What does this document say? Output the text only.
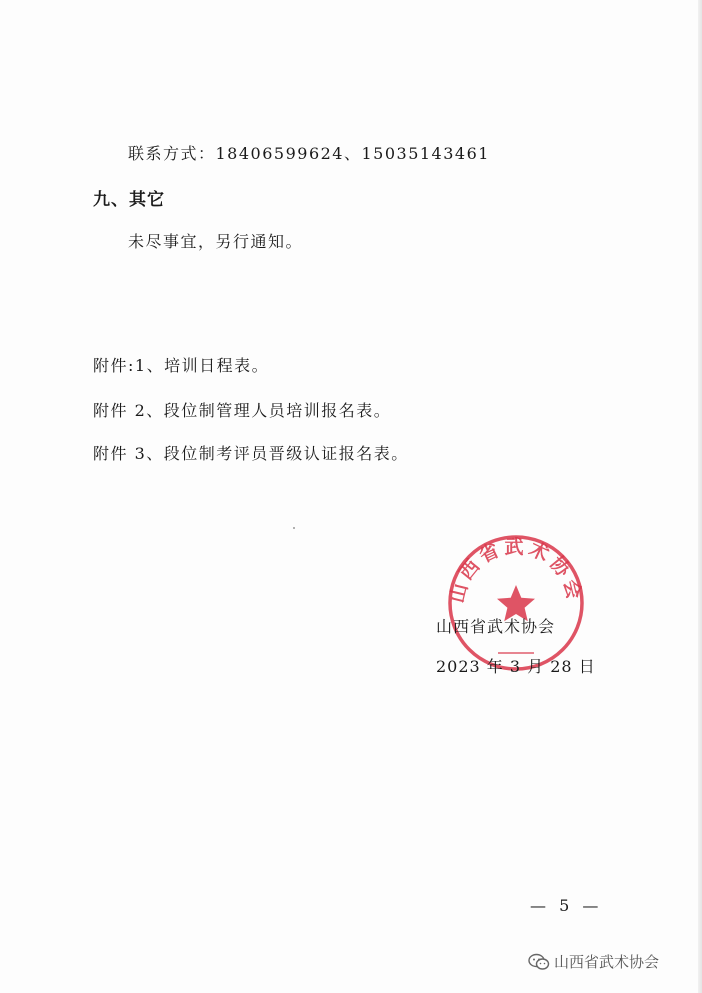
联系方式：18406599624、15035143461
九、其它
未尽事宜，另行通知。
附件:1、培训日程表。
附件 2、段位制管理人员培训报名表。
附件 3、段位制考评员晋级认证报名表。
山西省武术协会
山西省武术协会
2023 年 3 月 28 日
— 5 —
山西省武术协会
